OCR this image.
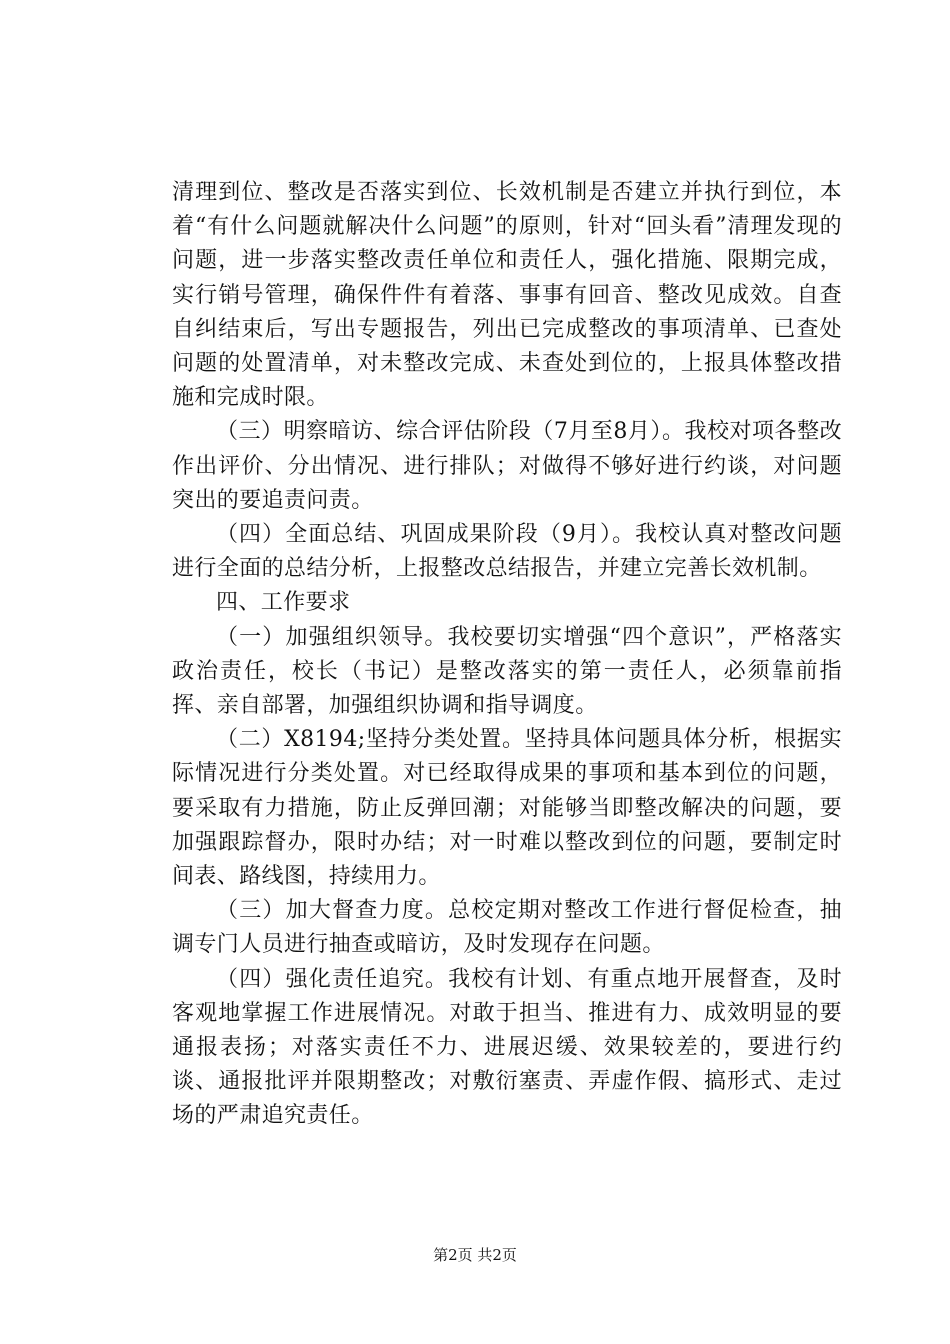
清理到位、整改是否落实到位、长效机制是否建立并执行到位，本着“有什么问题就解决什么问题”的原则，针对“回头看”清理发现的问题，进一步落实整改责任单位和责任人，强化措施、限期完成，实行销号管理，确保件件有着落、事事有回音、整改见成效。自查自纠结束后，写出专题报告，列出已完成整改的事项清单、已查处问题的处置清单，对未整改完成、未查处到位的，上报具体整改措施和完成时限。

（三）明察暗访、综合评估阶段（7月至8月）。我校对项各整改作出评价、分出情况、进行排队；对做得不够好进行约谈，对问题突出的要追责问责。

（四）全面总结、巩固成果阶段（9月）。我校认真对整改问题进行全面的总结分析，上报整改总结报告，并建立完善长效机制。

四、工作要求

（一）加强组织领导。我校要切实增强“四个意识”，严格落实政治责任，校长（书记）是整改落实的第一责任人，必须靠前指挥、亲自部署，加强组织协调和指导调度。

（二）X8194;坚持分类处置。坚持具体问题具体分析，根据实际情况进行分类处置。对已经取得成果的事项和基本到位的问题，要采取有力措施，防止反弹回潮；对能够当即整改解决的问题，要加强跟踪督办，限时办结；对一时难以整改到位的问题，要制定时间表、路线图，持续用力。

（三）加大督查力度。总校定期对整改工作进行督促检查，抽调专门人员进行抽查或暗访，及时发现存在问题。

（四）强化责任追究。我校有计划、有重点地开展督查，及时客观地掌握工作进展情况。对敢于担当、推进有力、成效明显的要通报表扬；对落实责任不力、进展迟缓、效果较差的，要进行约谈、通报批评并限期整改；对敷衍塞责、弄虚作假、搞形式、走过场的严肃追究责任。

第2页 共2页
